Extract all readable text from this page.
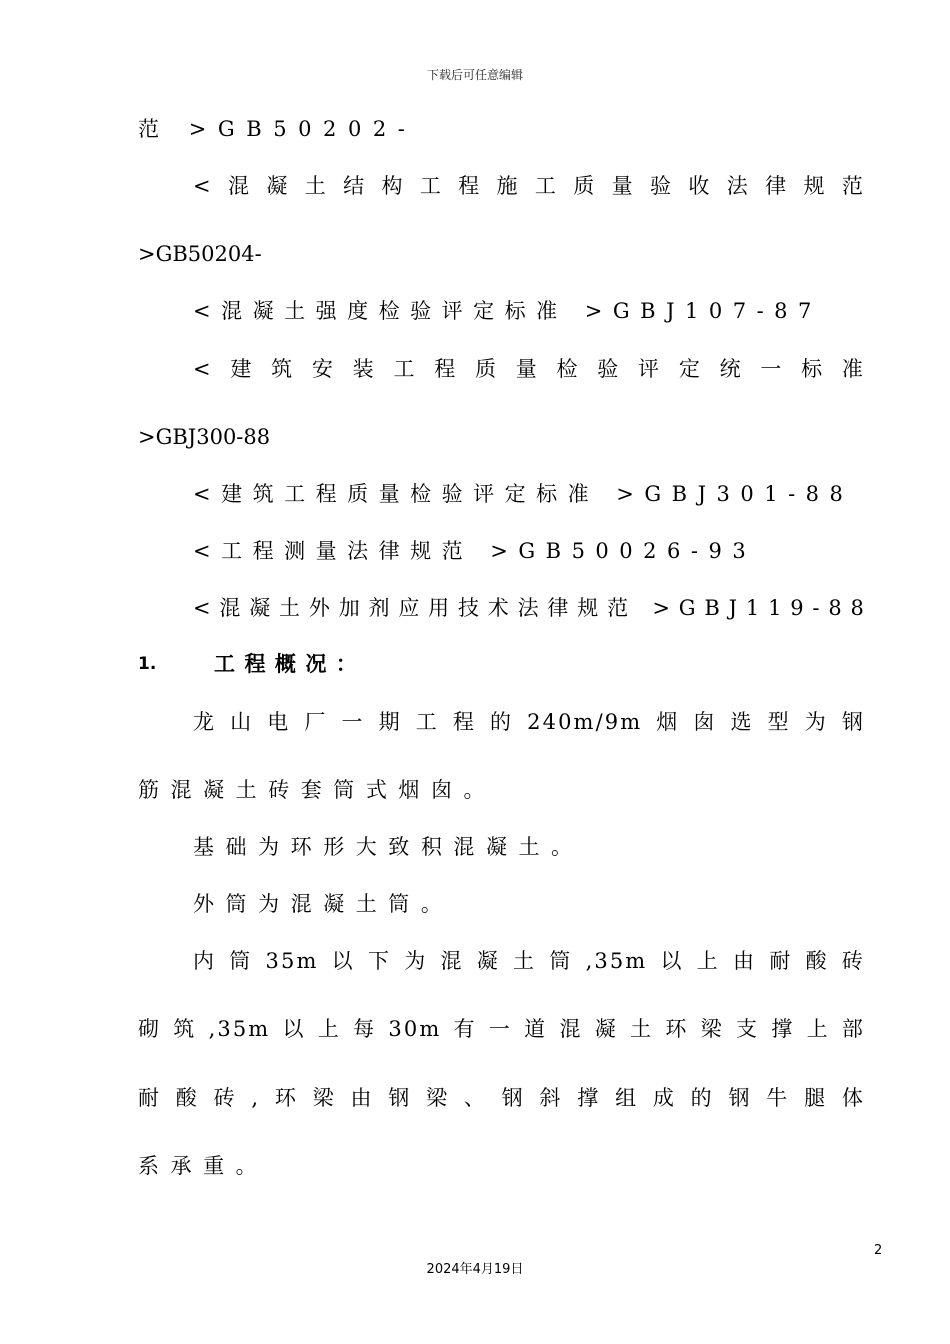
下载后可任意编辑
范 >GB50202-
<混凝土结构工程施工质量验收法律规范
>GB50204-
<混凝土强度检验评定标准 >GBJ107-87
<建筑安装工程质量检验评定统一标准
>GBJ300-88
<建筑工程质量检验评定标准 >GBJ301-88
<工程测量法律规范 >GB50026-93
<混凝土外加剂应用技术法律规范 >GBJ119-88
1.	工程概况：
龙山电厂一期工程的240m/9m烟囱选型为钢
筋混凝土砖套筒式烟囱。
基础为环形大致积混凝土。
外筒为混凝土筒。
内筒35m以下为混凝土筒,35m以上由耐酸砖
砌筑,35m以上每30m有一道混凝土环梁支撑上部
耐酸砖,环梁由钢梁、钢斜撑组成的钢牛腿体
系承重。
2
2024年4月19日
